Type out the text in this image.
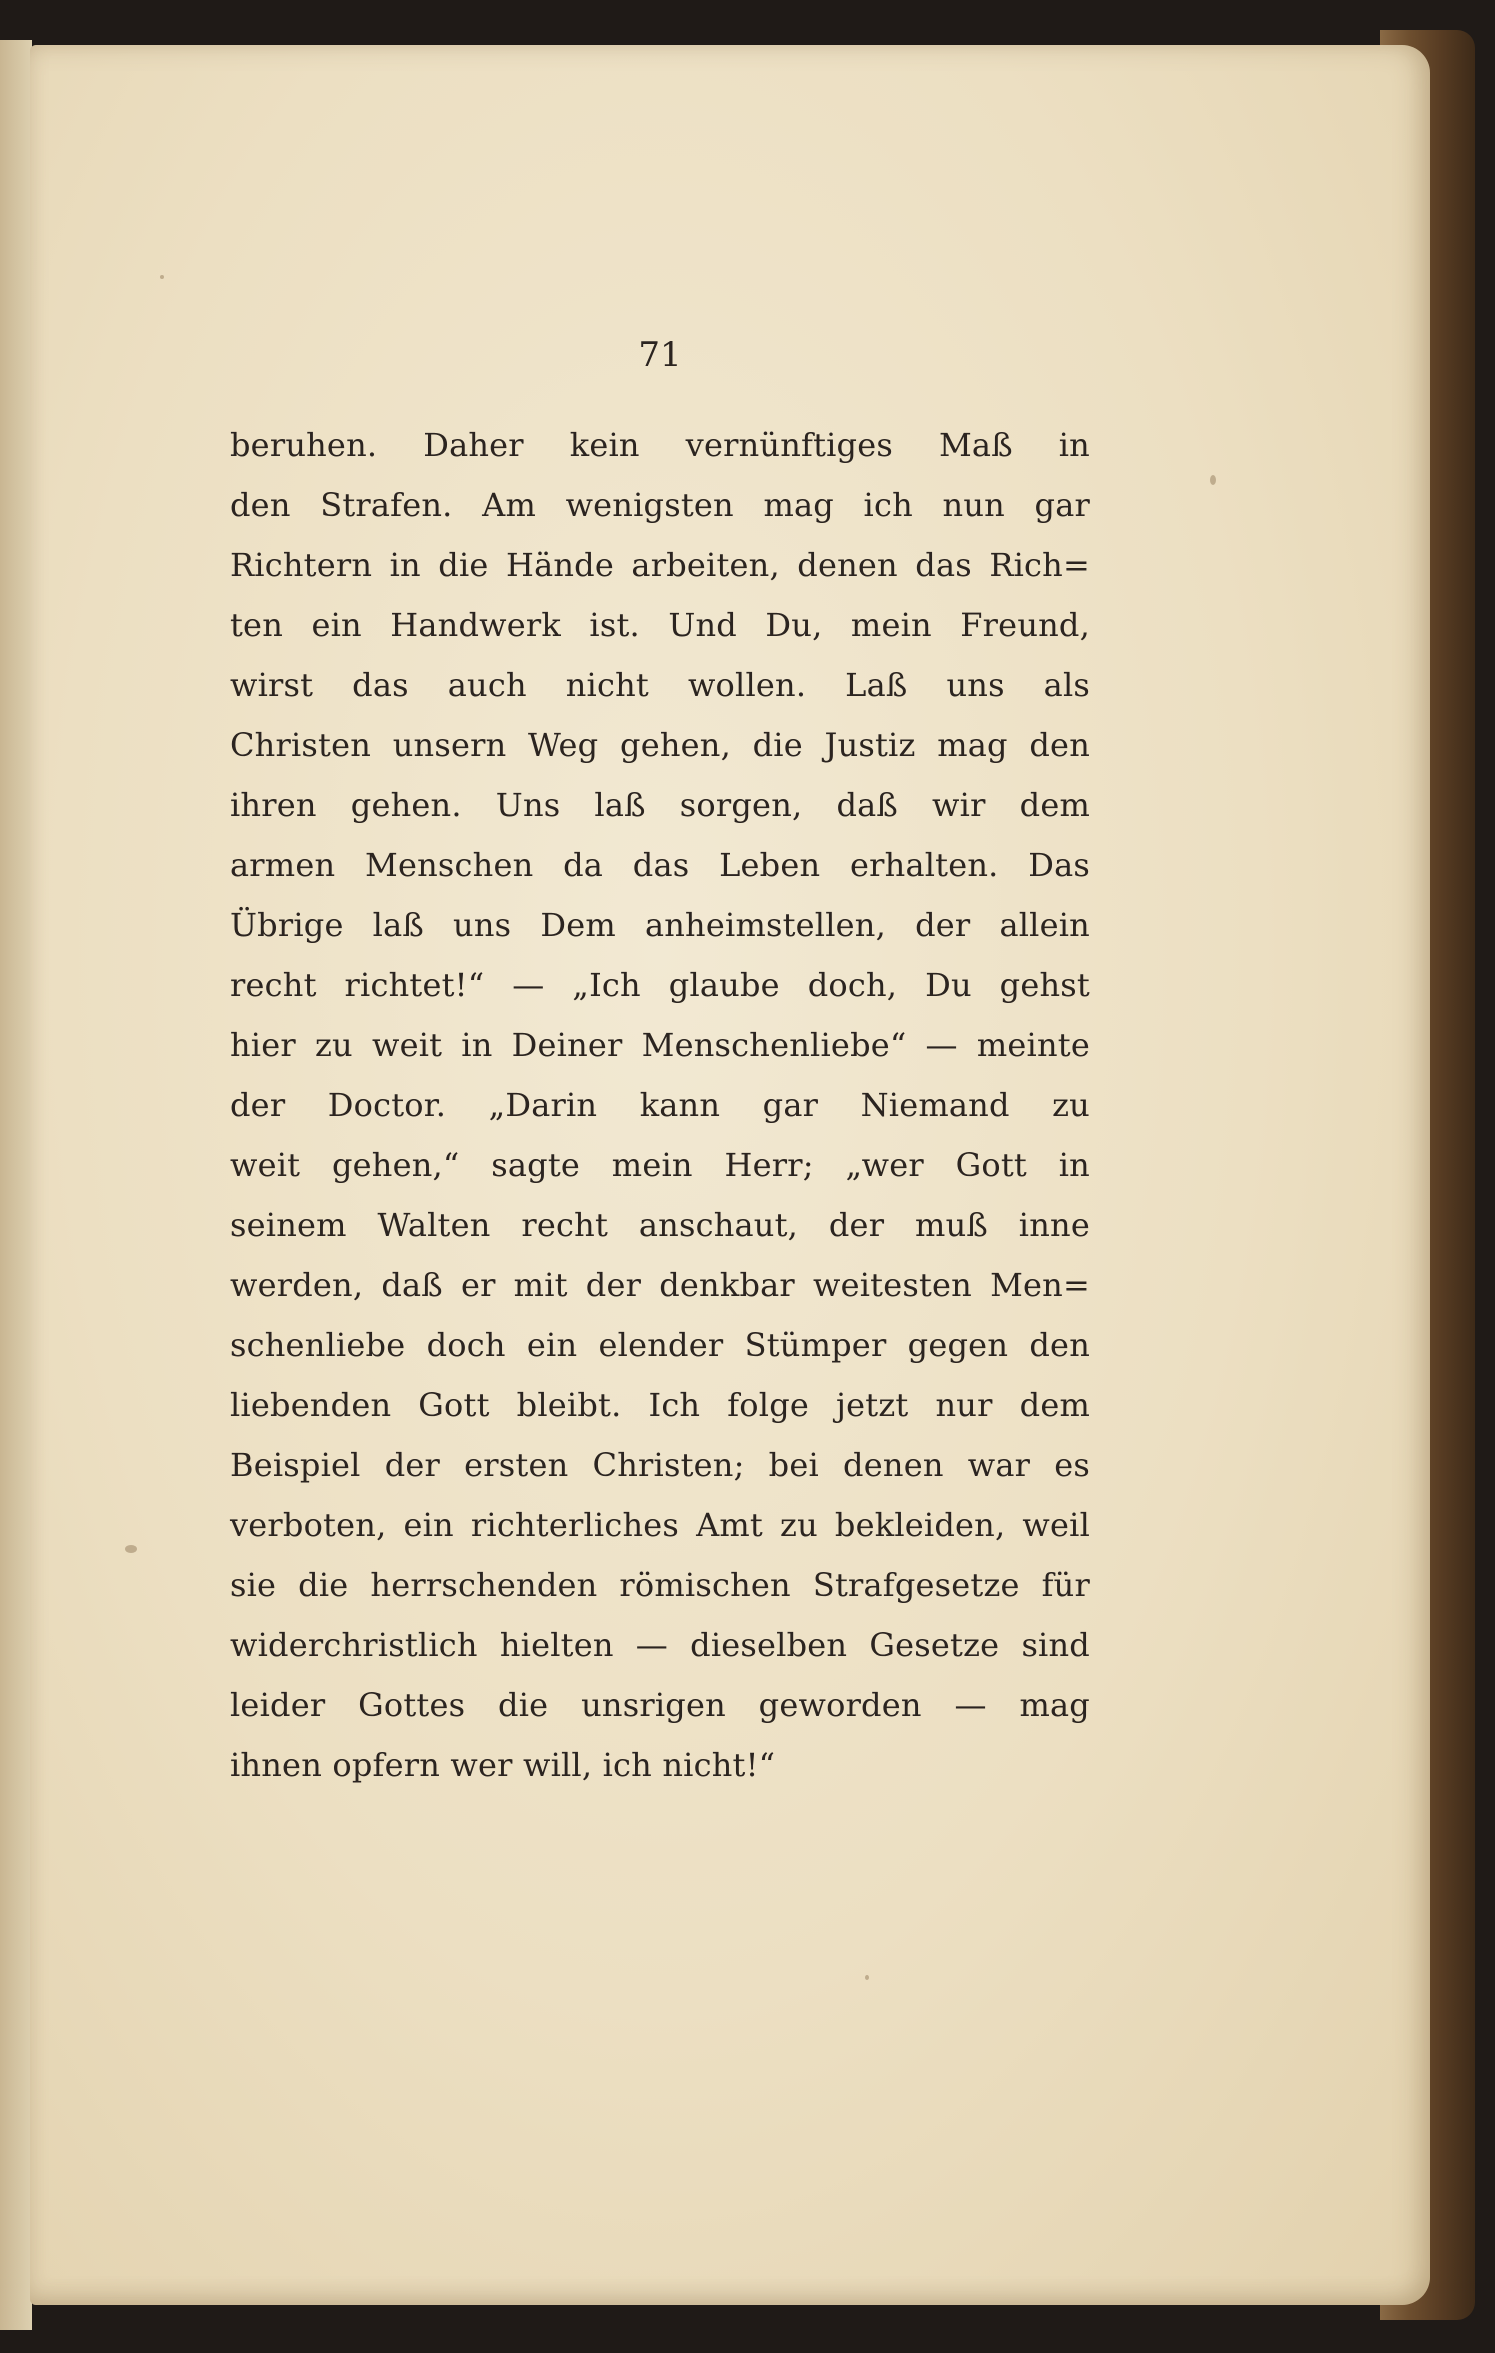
71

beruhen. Daher kein vernünftiges Maß in
den Strafen. Am wenigsten mag ich nun gar
Richtern in die Hände arbeiten, denen das Rich=
ten ein Handwerk ist. Und Du, mein Freund,
wirst das auch nicht wollen. Laß uns als
Christen unsern Weg gehen, die Justiz mag den
ihren gehen. Uns laß sorgen, daß wir dem
armen Menschen da das Leben erhalten. Das
Übrige laß uns Dem anheimstellen, der allein
recht richtet!“ — „Ich glaube doch, Du gehst
hier zu weit in Deiner Menschenliebe“ — meinte
der Doctor. „Darin kann gar Niemand zu
weit gehen,“ sagte mein Herr; „wer Gott in
seinem Walten recht anschaut, der muß inne
werden, daß er mit der denkbar weitesten Men=
schenliebe doch ein elender Stümper gegen den
liebenden Gott bleibt. Ich folge jetzt nur dem
Beispiel der ersten Christen; bei denen war es
verboten, ein richterliches Amt zu bekleiden, weil
sie die herrschenden römischen Strafgesetze für
widerchristlich hielten — dieselben Gesetze sind
leider Gottes die unsrigen geworden — mag
ihnen opfern wer will, ich nicht!“
